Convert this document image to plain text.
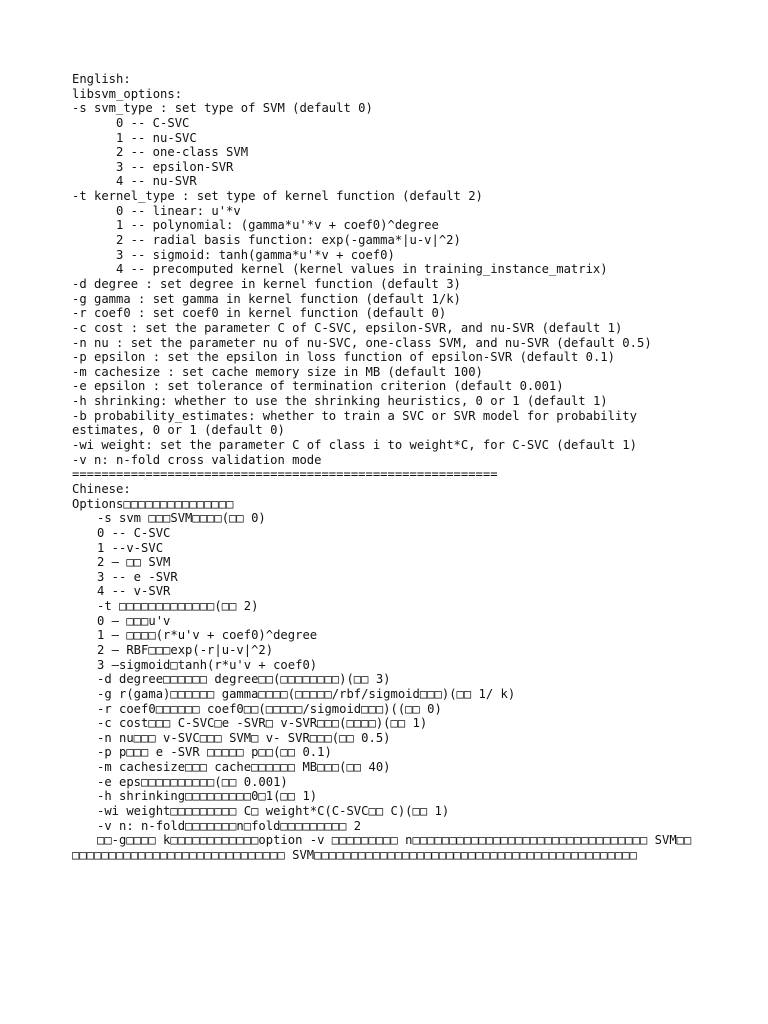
English:
libsvm_options:
-s svm_type : set type of SVM (default 0)
0 -- C-SVC
1 -- nu-SVC
2 -- one-class SVM
3 -- epsilon-SVR
4 -- nu-SVR
-t kernel_type : set type of kernel function (default 2)
0 -- linear: u'*v
1 -- polynomial: (gamma*u'*v + coef0)^degree
2 -- radial basis function: exp(-gamma*|u-v|^2)
3 -- sigmoid: tanh(gamma*u'*v + coef0)
4 -- precomputed kernel (kernel values in training_instance_matrix)
-d degree : set degree in kernel function (default 3)
-g gamma : set gamma in kernel function (default 1/k)
-r coef0 : set coef0 in kernel function (default 0)
-c cost : set the parameter C of C-SVC, epsilon-SVR, and nu-SVR (default 1)
-n nu : set the parameter nu of nu-SVC, one-class SVM, and nu-SVR (default 0.5)
-p epsilon : set the epsilon in loss function of epsilon-SVR (default 0.1)
-m cachesize : set cache memory size in MB (default 100)
-e epsilon : set tolerance of termination criterion (default 0.001)
-h shrinking: whether to use the shrinking heuristics, 0 or 1 (default 1)
-b probability_estimates: whether to train a SVC or SVR model for probability
estimates, 0 or 1 (default 0)
-wi weight: set the parameter C of class i to weight*C, for C-SVC (default 1)
-v n: n-fold cross validation mode
==========================================================
Chinese:
Options□□□□□□□□□□□□□□□
-s svm □□□SVM□□□□(□□ 0)
0 -- C-SVC
1 --v-SVC
2 – □□ SVM
3 -- e -SVR
4 -- v-SVR
-t □□□□□□□□□□□□□(□□ 2)
0 – □□□u'v
1 – □□□□(r*u'v + coef0)^degree
2 – RBF□□□exp(-r|u-v|^2)
3 –sigmoid□tanh(r*u'v + coef0)
-d degree□□□□□□ degree□□(□□□□□□□□)(□□ 3)
-g r(gama)□□□□□□ gamma□□□□(□□□□□/rbf/sigmoid□□□)(□□ 1/ k)
-r coef0□□□□□□ coef0□□(□□□□□/sigmoid□□□)((□□ 0)
-c cost□□□ C-SVC□e -SVR□ v-SVR□□□(□□□□)(□□ 1)
-n nu□□□ v-SVC□□□ SVM□ v- SVR□□□(□□ 0.5)
-p p□□□ e -SVR □□□□□ p□□(□□ 0.1)
-m cachesize□□□ cache□□□□□□ MB□□□(□□ 40)
-e eps□□□□□□□□□□(□□ 0.001)
-h shrinking□□□□□□□□□0□1(□□ 1)
-wi weight□□□□□□□□□ C□ weight*C(C-SVC□□ C)(□□ 1)
-v n: n-fold□□□□□□□n□fold□□□□□□□□□ 2
□□-g□□□□ k□□□□□□□□□□□□option -v □□□□□□□□□ n□□□□□□□□□□□□□□□□□□□□□□□□□□□□□□□□ SVM□□
□□□□□□□□□□□□□□□□□□□□□□□□□□□□□ SVM□□□□□□□□□□□□□□□□□□□□□□□□□□□□□□□□□□□□□□□□□□□□
